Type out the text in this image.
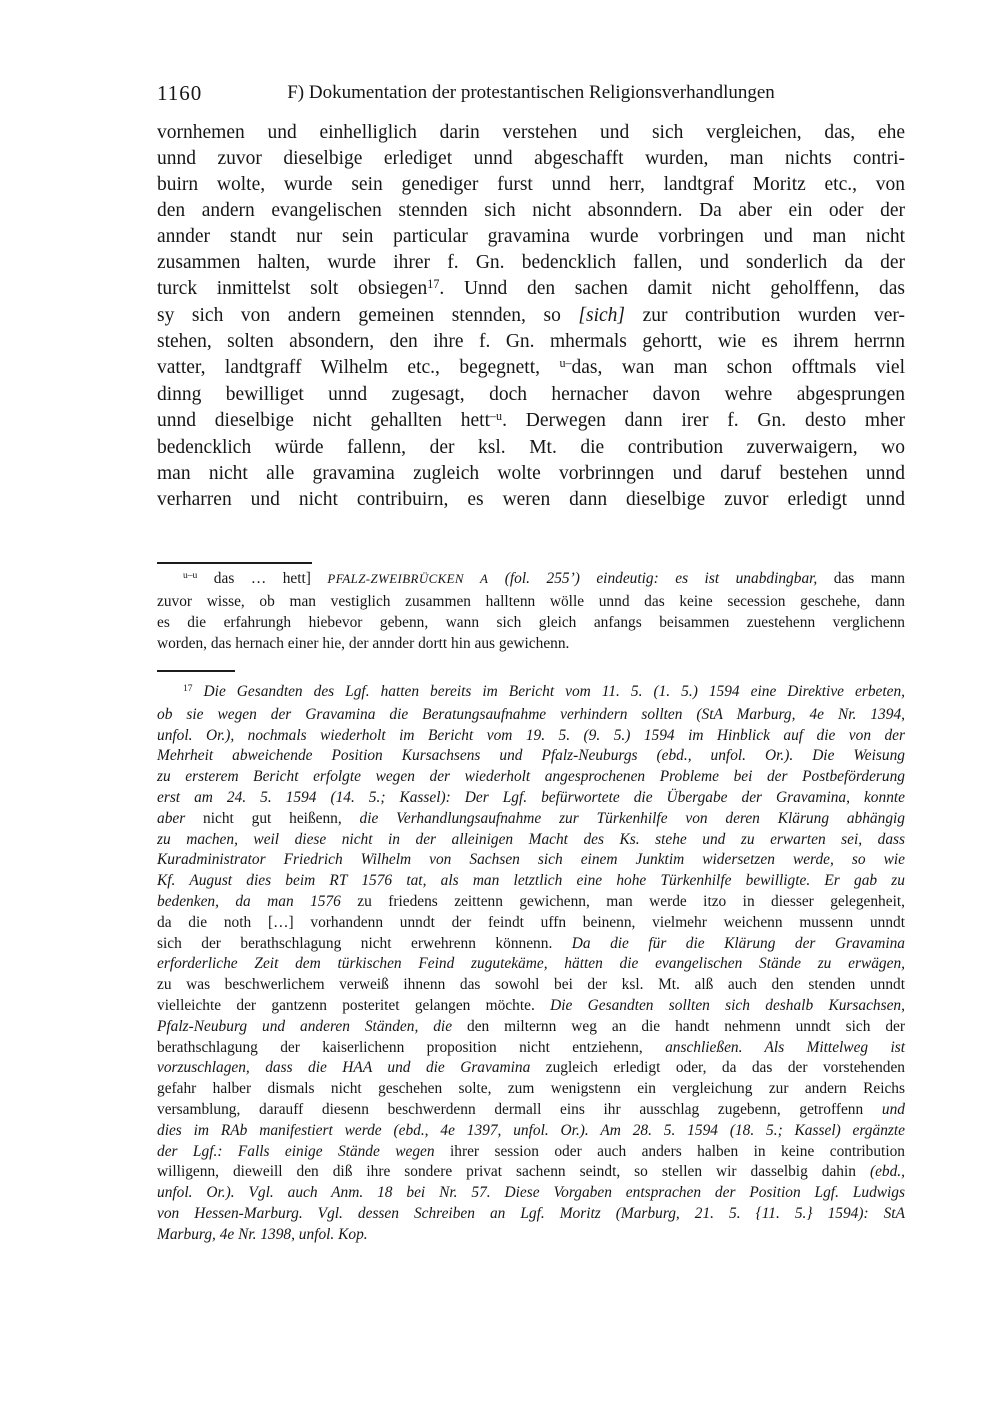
1160	F) Dokumentation der protestantischen Religionsverhandlungen
vornhemen und einhelliglich darin verstehen und sich vergleichen, das, ehe
unnd zuvor dieselbige erlediget unnd abgeschafft wurden, man nichts contri-
buirn wolte, wurde sein genediger furst unnd herr, landtgraf Moritz etc., von
den andern evangelischen stennden sich nicht absonndern. Da aber ein oder der
annder standt nur sein particular gravamina wurde vorbringen und man nicht
zusammen halten, wurde ihrer f. Gn. bedencklich fallen, und sonderlich da der
turck inmittelst solt obsiegen$^{17}$. Unnd den sachen damit nicht geholffenn, das
sy sich von andern gemeinen stennden, so [sich] zur contribution wurden ver-
stehen, solten absondern, den ihre f. Gn. mhermals gehortt, wie es ihrem herrnn
vatter, landtgraff Wilhelm etc., begegnett, $^{u-}$das, wan man schon offtmals viel
dinng bewilliget unnd zugesagt, doch hernacher davon wehre abgesprungen
unnd dieselbige nicht gehallten hett$^{-u}$. Derwegen dann irer f. Gn. desto mher
bedencklich würde fallenn, der ksl. Mt. die contribution zuverwaigern, wo
man nicht alle gravamina zugleich wolte vorbrinngen und daruf bestehen unnd
verharren und nicht contribuirn, es weren dann dieselbige zuvor erledigt unnd
$^{u-u}$ das … hett] PFALZ-ZWEIBRÜCKEN A (fol. 255’) eindeutig: es ist unabdingbar, das mann
zuvor wisse, ob man vestiglich zusammen halltenn wölle unnd das keine secession geschehe, dann
es die erfahrungh hiebevor gebenn, wann sich gleich anfangs beisammen zuestehenn verglichenn
worden, das hernach einer hie, der annder dortt hin aus gewichenn.
$^{17}$ Die Gesandten des Lgf. hatten bereits im Bericht vom 11. 5. (1. 5.) 1594 eine Direktive erbeten,
ob sie wegen der Gravamina die Beratungsaufnahme verhindern sollten (StA Marburg, 4e Nr. 1394,
unfol. Or.), nochmals wiederholt im Bericht vom 19. 5. (9. 5.) 1594 im Hinblick auf die von der
Mehrheit abweichende Position Kursachsens und Pfalz-Neuburgs (ebd., unfol. Or.). Die Weisung
zu ersterem Bericht erfolgte wegen der wiederholt angesprochenen Probleme bei der Postbeförderung
erst am 24. 5. 1594 (14. 5.; Kassel): Der Lgf. befürwortete die Übergabe der Gravamina, konnte
aber nicht gut heißenn, die Verhandlungsaufnahme zur Türkenhilfe von deren Klärung abhängig
zu machen, weil diese nicht in der alleinigen Macht des Ks. stehe und zu erwarten sei, dass
Kuradministrator Friedrich Wilhelm von Sachsen sich einem Junktim widersetzen werde, so wie
Kf. August dies beim RT 1576 tat, als man letztlich eine hohe Türkenhilfe bewilligte. Er gab zu
bedenken, da man 1576 zu friedens zeittenn gewichenn, man werde itzo in diesser gelegenheit,
da die noth […] vorhandenn unndt der feindt uffn beinenn, vielmehr weichenn mussenn unndt
sich der berathschlagung nicht erwehrenn könnenn. Da die für die Klärung der Gravamina
erforderliche Zeit dem türkischen Feind zugutekäme, hätten die evangelischen Stände zu erwägen,
zu was beschwerlichem verweiß ihnenn das sowohl bei der ksl. Mt. alß auch den stenden unndt
vielleichte der gantzenn posteritet gelangen möchte. Die Gesandten sollten sich deshalb Kursachsen,
Pfalz-Neuburg und anderen Ständen, die den milternn weg an die handt nehmenn unndt sich der
berathschlagung der kaiserlichenn proposition nicht entziehenn, anschließen. Als Mittelweg ist
vorzuschlagen, dass die HAA und die Gravamina zugleich erledigt oder, da das der vorstehenden
gefahr halber dismals nicht geschehen solte, zum wenigstenn ein vergleichung zur andern Reichs
versamblung, darauff diesenn beschwerdenn dermall eins ihr ausschlag zugebenn, getroffenn und
dies im RAb manifestiert werde (ebd., 4e 1397, unfol. Or.). Am 28. 5. 1594 (18. 5.; Kassel) ergänzte
der Lgf.: Falls einige Stände wegen ihrer session oder auch anders halben in keine contribution
willigenn, dieweill den diß ihre sondere privat sachenn seindt, so stellen wir dasselbig dahin (ebd.,
unfol. Or.). Vgl. auch Anm. 18 bei Nr. 57. Diese Vorgaben entsprachen der Position Lgf. Ludwigs
von Hessen-Marburg. Vgl. dessen Schreiben an Lgf. Moritz (Marburg, 21. 5. {11. 5.} 1594): StA
Marburg, 4e Nr. 1398, unfol. Kop.
